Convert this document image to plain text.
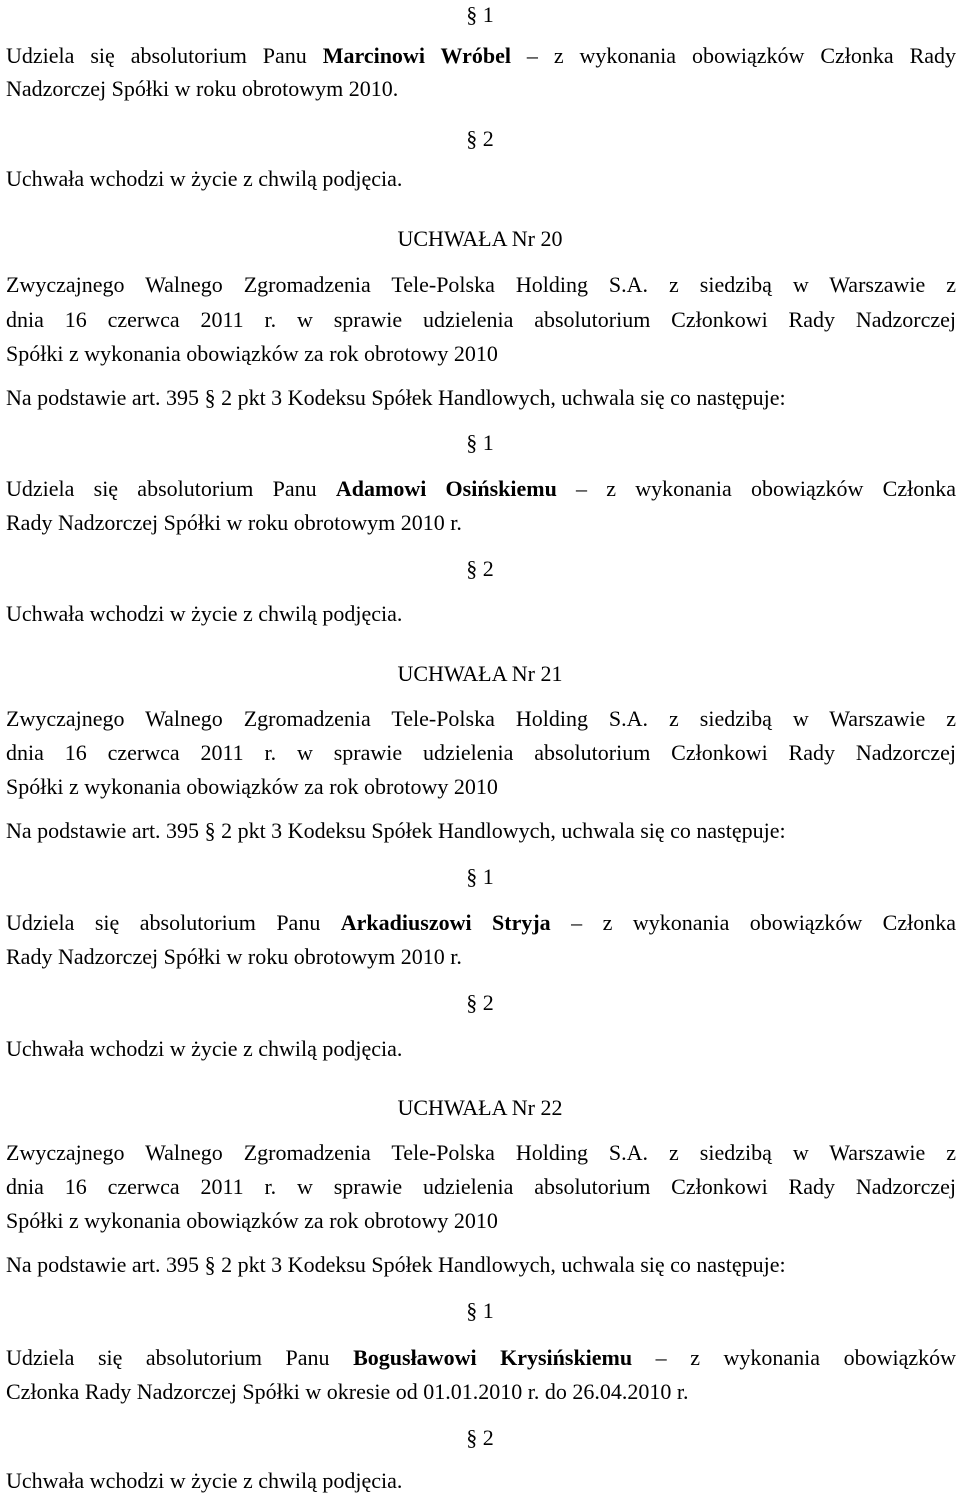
§ 1
Udziela się absolutorium Panu Marcinowi Wróbel – z wykonania obowiązków Członka Rady
Nadzorczej Spółki w roku obrotowym 2010.
§ 2
Uchwała wchodzi w życie z chwilą podjęcia.
UCHWAŁA Nr 20
Zwyczajnego Walnego Zgromadzenia Tele-Polska Holding S.A. z siedzibą w Warszawie z
dnia 16 czerwca 2011 r. w sprawie udzielenia absolutorium Członkowi Rady Nadzorczej
Spółki z wykonania obowiązków za rok obrotowy 2010
Na podstawie art. 395 § 2 pkt 3 Kodeksu Spółek Handlowych, uchwala się co następuje:
§ 1
Udziela się absolutorium Panu Adamowi Osińskiemu – z wykonania obowiązków Członka
Rady Nadzorczej Spółki w roku obrotowym 2010 r.
§ 2
Uchwała wchodzi w życie z chwilą podjęcia.
UCHWAŁA Nr 21
Zwyczajnego Walnego Zgromadzenia Tele-Polska Holding S.A. z siedzibą w Warszawie z
dnia 16 czerwca 2011 r. w sprawie udzielenia absolutorium Członkowi Rady Nadzorczej
Spółki z wykonania obowiązków za rok obrotowy 2010
Na podstawie art. 395 § 2 pkt 3 Kodeksu Spółek Handlowych, uchwala się co następuje:
§ 1
Udziela się absolutorium Panu Arkadiuszowi Stryja – z wykonania obowiązków Członka
Rady Nadzorczej Spółki w roku obrotowym 2010 r.
§ 2
Uchwała wchodzi w życie z chwilą podjęcia.
UCHWAŁA Nr 22
Zwyczajnego Walnego Zgromadzenia Tele-Polska Holding S.A. z siedzibą w Warszawie z
dnia 16 czerwca 2011 r. w sprawie udzielenia absolutorium Członkowi Rady Nadzorczej
Spółki z wykonania obowiązków za rok obrotowy 2010
Na podstawie art. 395 § 2 pkt 3 Kodeksu Spółek Handlowych, uchwala się co następuje:
§ 1
Udziela się absolutorium Panu Bogusławowi Krysińskiemu – z wykonania obowiązków
Członka Rady Nadzorczej Spółki w okresie od 01.01.2010 r. do 26.04.2010 r.
§ 2
Uchwała wchodzi w życie z chwilą podjęcia.
